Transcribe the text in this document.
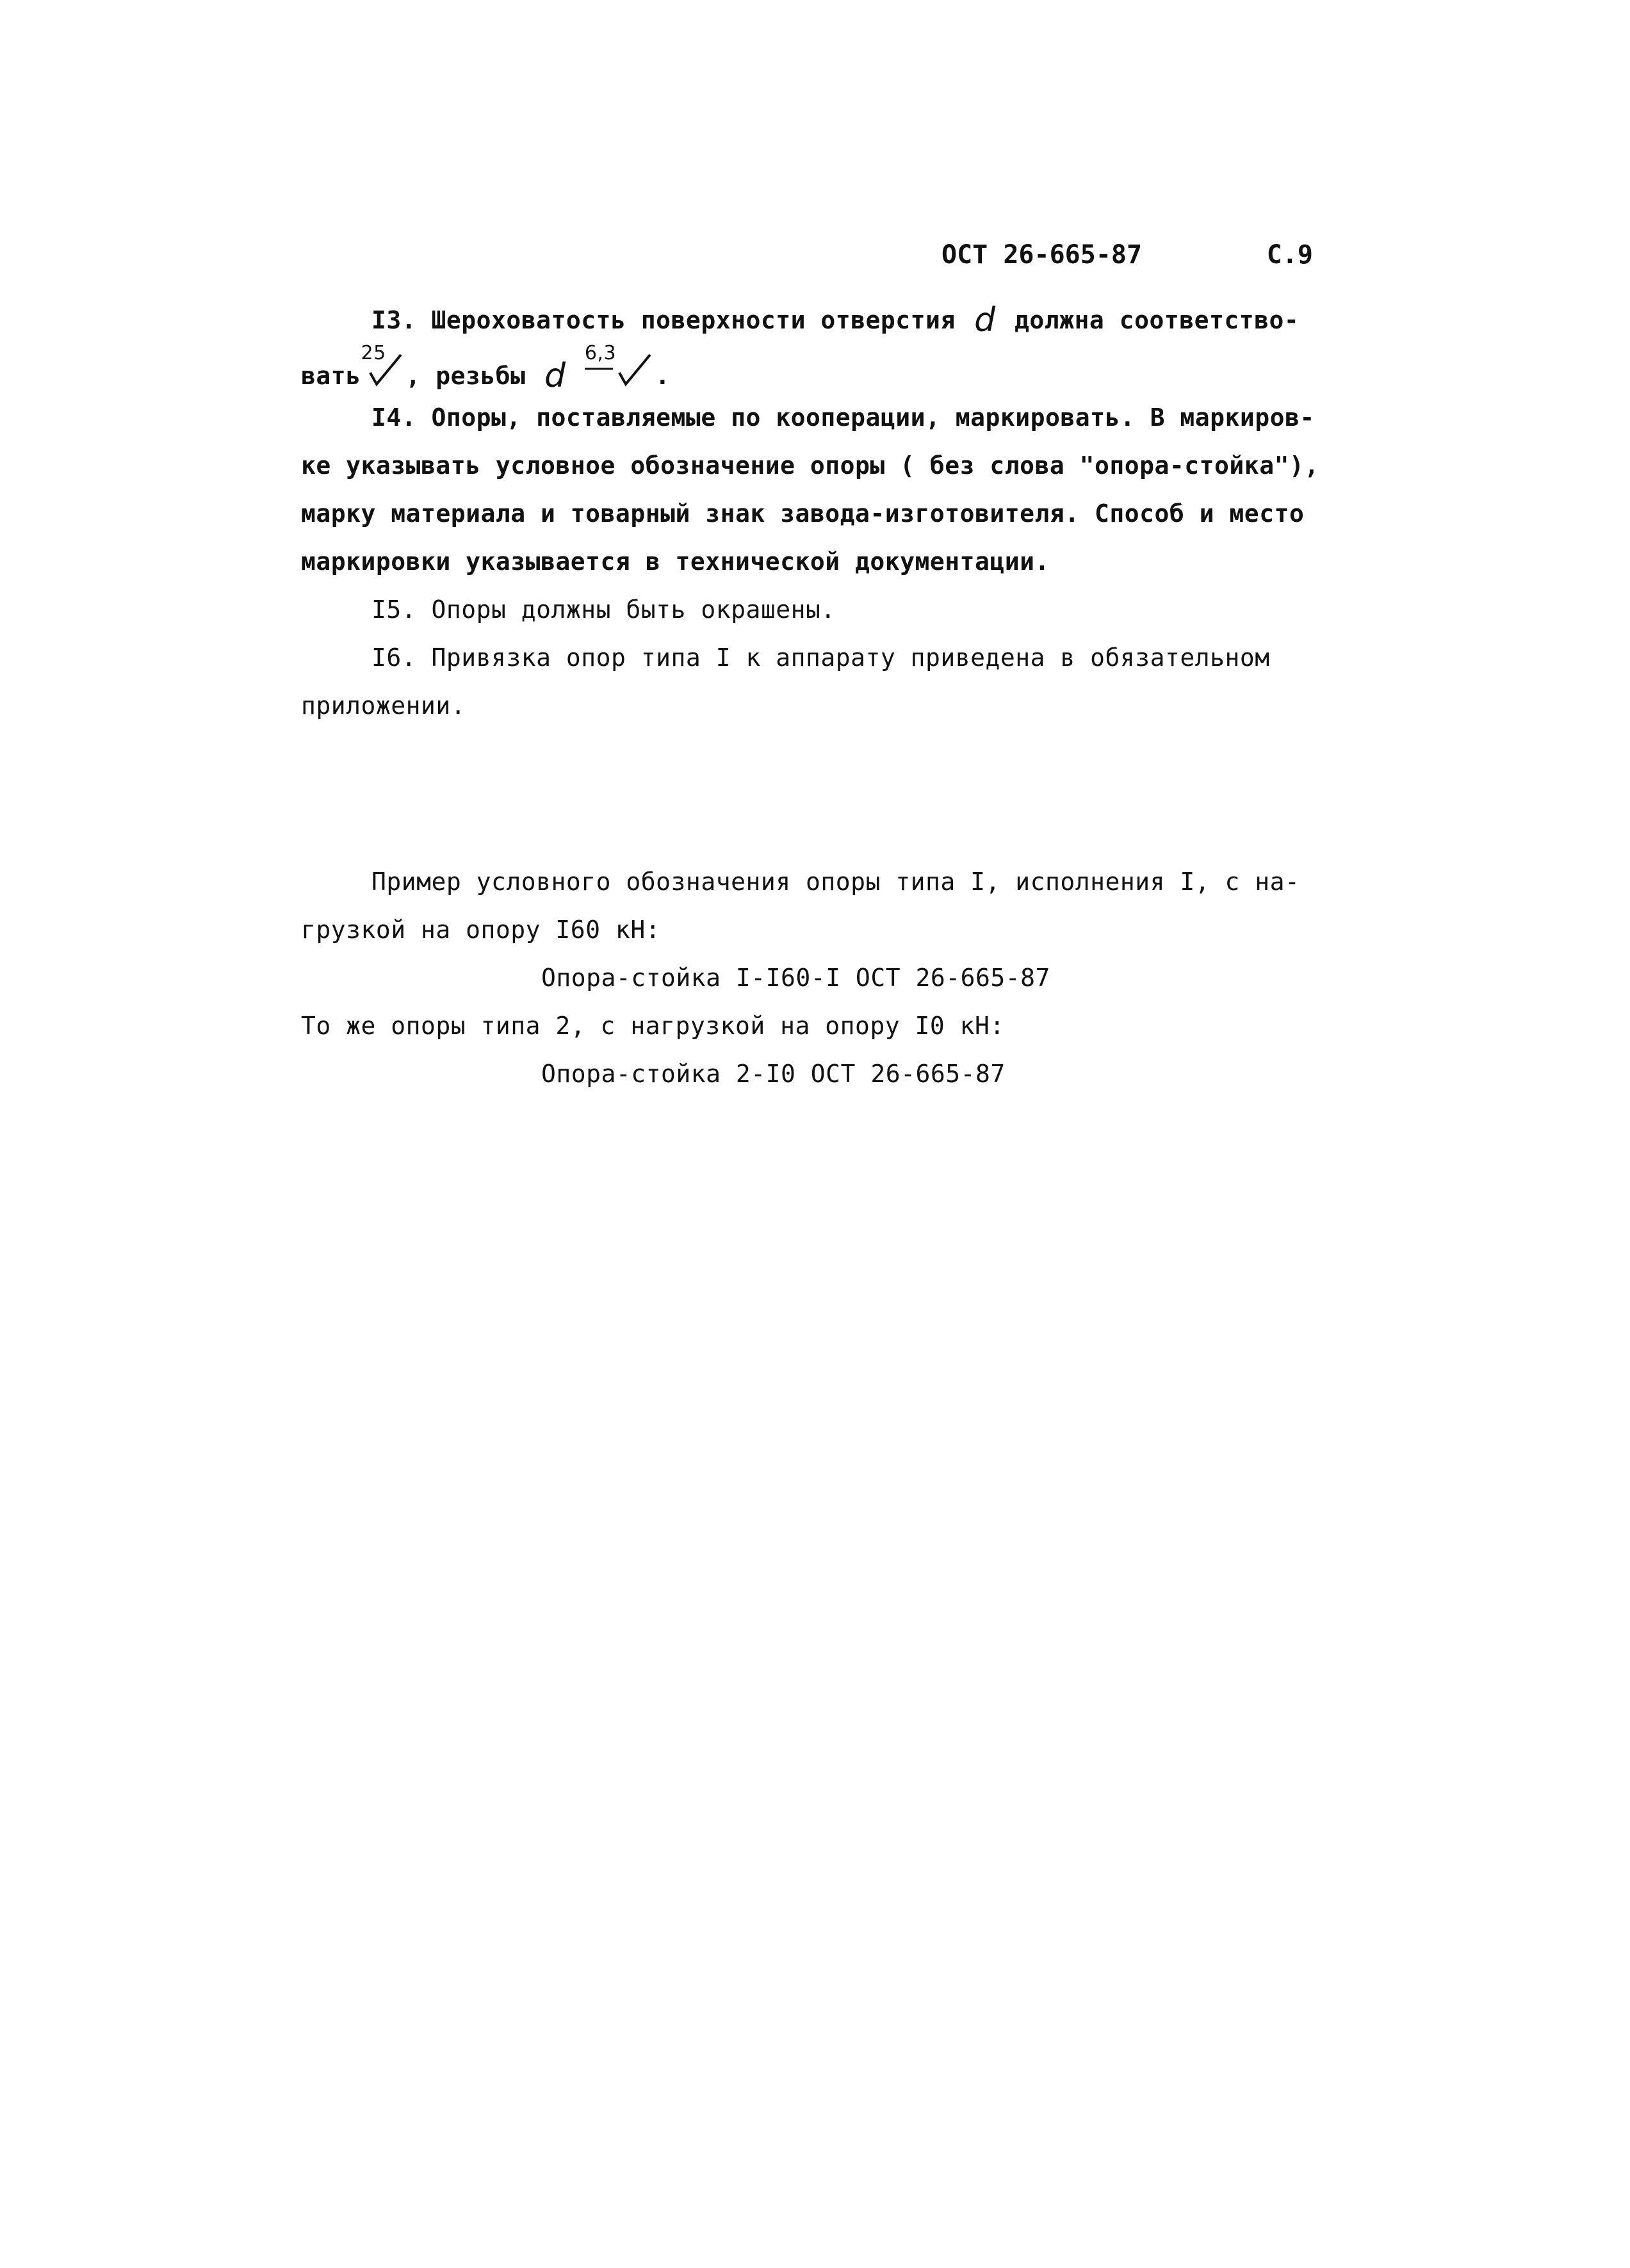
ОСТ 26-665-87	С.9
I3. Шероховатость поверхности отверстия d должна соответство-
вать
25
, резьбы d
6,3
.
I4. Опоры, поставляемые по кооперации, маркировать. В маркиров-
ке указывать условное обозначение опоры ( без слова "опора-стойка"),
марку материала и товарный знак завода-изготовителя. Способ и место
маркировки указывается в технической документации.
I5. Опоры должны быть окрашены.
I6. Привязка опор типа I к аппарату приведена в обязательном
приложении.
Пример условного обозначения опоры типа I, исполнения I, с на-
грузкой на опору I60 кН:
Опора-стойка I-I60-I ОСТ 26-665-87
То же опоры типа 2, с нагрузкой на опору I0 кН:
Опора-стойка 2-I0 ОСТ 26-665-87
